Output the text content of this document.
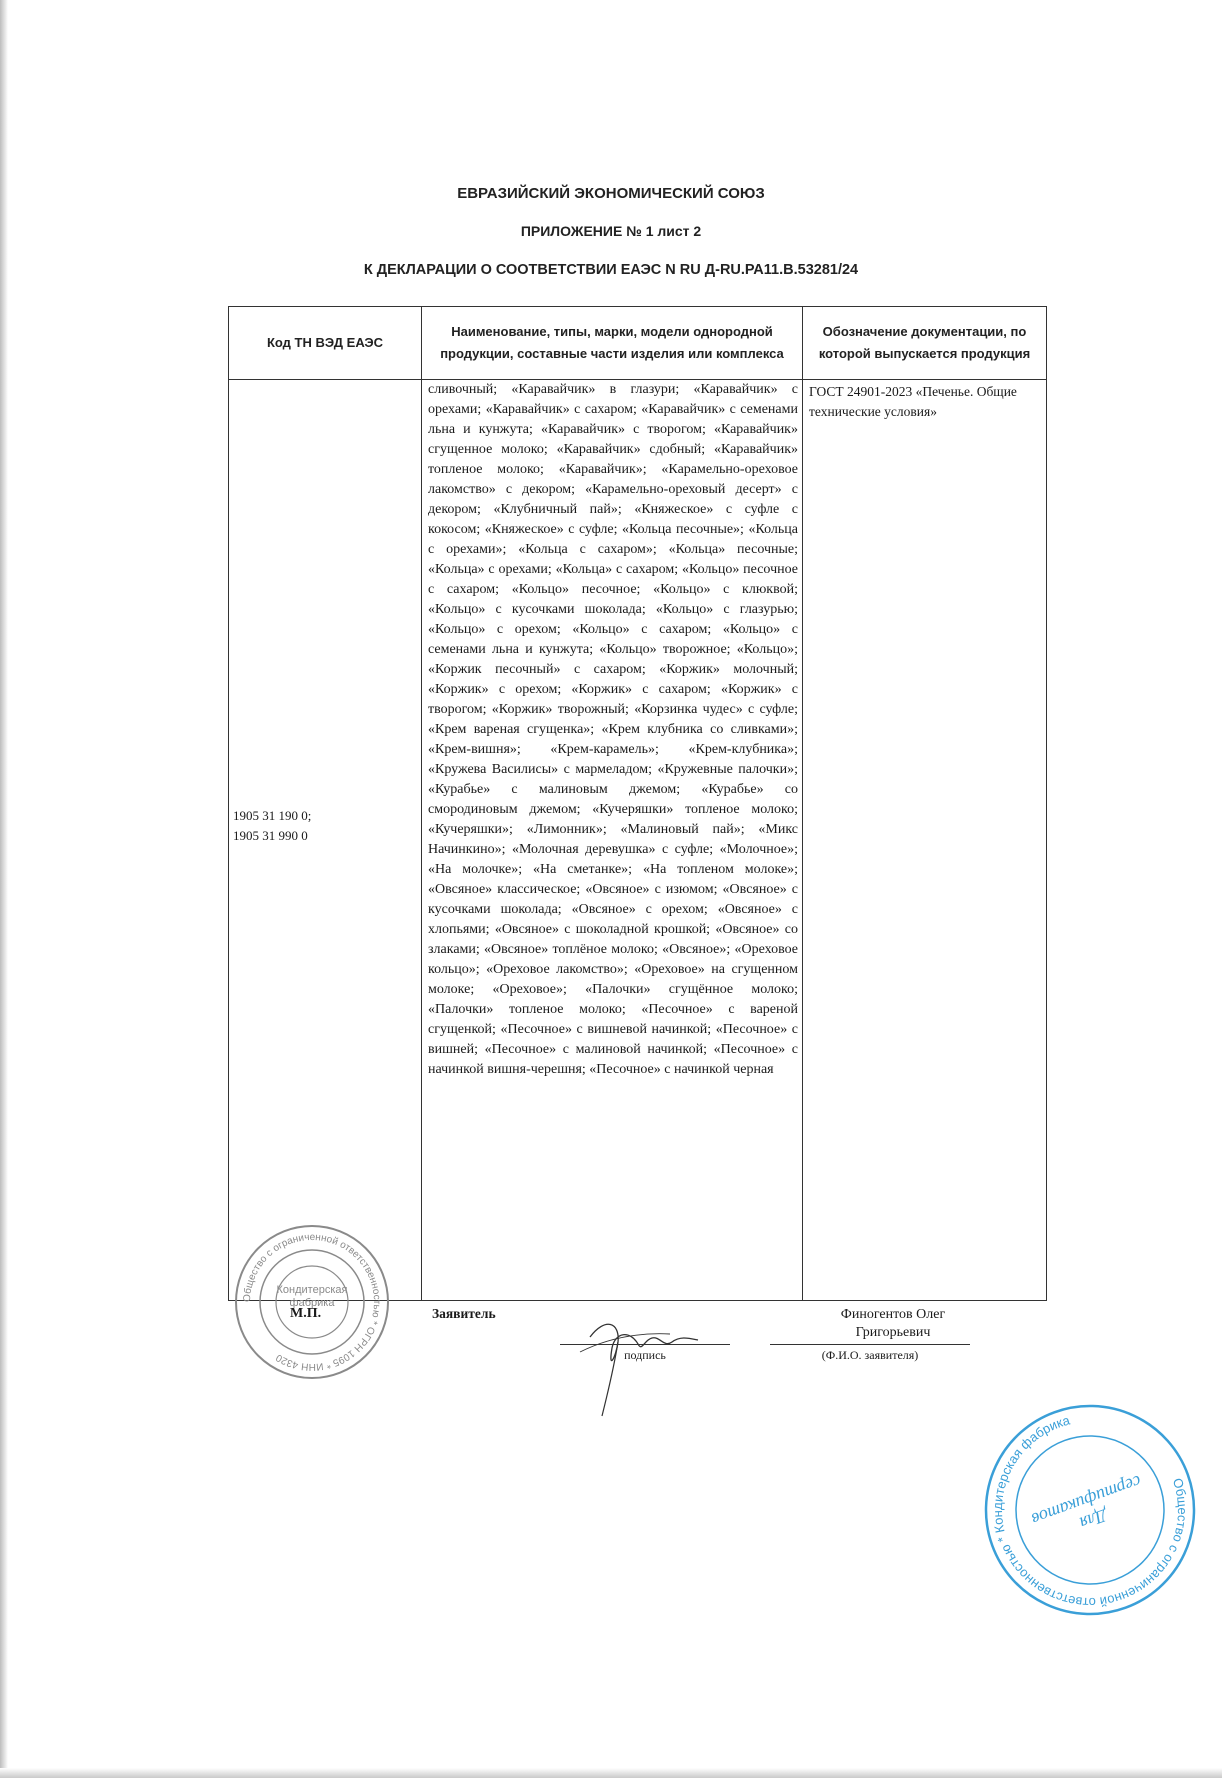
ЕВРАЗИЙСКИЙ ЭКОНОМИЧЕСКИЙ СОЮЗ
ПРИЛОЖЕНИЕ № 1 лист 2
К ДЕКЛАРАЦИИ О СООТВЕТСТВИИ ЕАЭС N RU Д-RU.РА11.В.53281/24
Код ТН ВЭД ЕАЭС	Наименование, типы, марки, модели однородной продукции, составные части изделия или комплекса	Обозначение документации, по которой выпускается продукция

1905 31 190 0;
1905 31 990 0	сливочный; «Каравайчик» в глазури; «Каравайчик» с орехами; «Каравайчик» с сахаром; «Каравайчик» с семенами льна и кунжута; «Каравайчик» с творогом; «Каравайчик» сгущенное молоко; «Каравайчик» сдобный; «Каравайчик» топленое молоко; «Каравайчик»; «Карамельно-ореховое лакомство» с декором; «Карамельно-ореховый десерт» с декором; «Клубничный пай»; «Княжеское» с суфле с кокосом; «Княжеское» с суфле; «Кольца песочные»; «Кольца с орехами»; «Кольца с сахаром»; «Кольца» песочные; «Кольца» с орехами; «Кольца» с сахаром; «Кольцо» песочное с сахаром; «Кольцо» песочное; «Кольцо» с клюквой; «Кольцо» с кусочками шоколада; «Кольцо» с глазурью; «Кольцо» с орехом; «Кольцо» с сахаром; «Кольцо» с семенами льна и кунжута; «Кольцо» творожное; «Кольцо»; «Коржик песочный» с сахаром; «Коржик» молочный; «Коржик» с орехом; «Коржик» с сахаром; «Коржик» с творогом; «Коржик» творожный; «Корзинка чудес» с суфле; «Крем вареная сгущенка»; «Крем клубника со сливками»; «Крем-вишня»; «Крем-карамель»; «Крем-клубника»; «Кружева Василисы» с мармеладом; «Кружевные палочки»; «Курабье» с малиновым джемом; «Курабье» со смородиновым джемом; «Кучеряшки» топленое молоко; «Кучеряшки»; «Лимонник»; «Малиновый пай»; «Микс Начинкино»; «Молочная деревушка» с суфле; «Молочное»; «На молочке»; «На сметанке»; «На топленом молоке»; «Овсяное» классическое; «Овсяное» с изюмом; «Овсяное» с кусочками шоколада; «Овсяное» с орехом; «Овсяное» с хлопьями; «Овсяное» с шоколадной крошкой; «Овсяное» со злаками; «Овсяное» топлёное молоко; «Овсяное»; «Ореховое кольцо»; «Ореховое лакомство»; «Ореховое» на сгущенном молоке; «Ореховое»; «Палочки» сгущённое молоко; «Палочки» топленое молоко; «Песочное» с вареной сгущенкой; «Песочное» с вишневой начинкой; «Песочное» с вишней; «Песочное» с малиновой начинкой; «Песочное» с начинкой вишня-черешня; «Песочное» с начинкой черная	ГОСТ 24901-2023 «Печенье. Общие технические условия»
Общество с ограниченной ответственностью * ОГРН 1095 * ИНН 4320
Кондитерская фабрика
М.П.	Заявитель
подпись
Финогентов Олег
Григорьевич
(Ф.И.О. заявителя)
Общество с ограниченной ответственностью * Кондитерская фабрика
Для сертификатов
